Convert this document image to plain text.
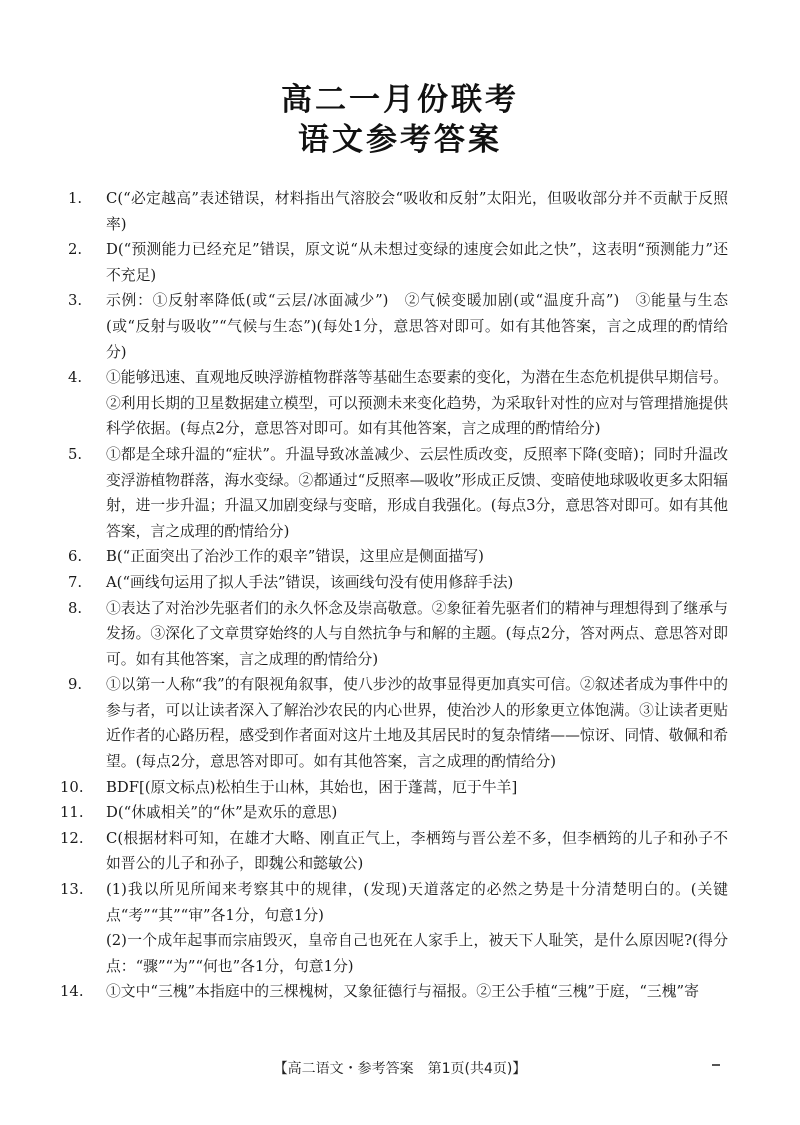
高二一月份联考
语文参考答案
1. C(“必定越高”表述错误，材料指出气溶胶会“吸收和反射”太阳光，但吸收部分并不贡献于反照率)
2. D(“预测能力已经充足”错误，原文说“从未想过变绿的速度会如此之快”，这表明“预测能力”还不充足)
3. 示例：①反射率降低(或“云层/冰面减少”)　②气候变暖加剧(或“温度升高”)　③能量与生态(或“反射与吸收”“气候与生态”)(每处1分，意思答对即可。如有其他答案，言之成理的酌情给分)
4. ①能够迅速、直观地反映浮游植物群落等基础生态要素的变化，为潜在生态危机提供早期信号。②利用长期的卫星数据建立模型，可以预测未来变化趋势，为采取针对性的应对与管理措施提供科学依据。(每点2分，意思答对即可。如有其他答案，言之成理的酌情给分)
5. ①都是全球升温的“症状”。升温导致冰盖减少、云层性质改变，反照率下降(变暗)；同时升温改变浮游植物群落，海水变绿。②都通过“反照率—吸收”形成正反馈、变暗使地球吸收更多太阳辐射，进一步升温；升温又加剧变绿与变暗，形成自我强化。(每点3分，意思答对即可。如有其他答案，言之成理的酌情给分)
6. B(“正面突出了治沙工作的艰辛”错误，这里应是侧面描写)
7. A(“画线句运用了拟人手法”错误，该画线句没有使用修辞手法)
8. ①表达了对治沙先驱者们的永久怀念及崇高敬意。②象征着先驱者们的精神与理想得到了继承与发扬。③深化了文章贯穿始终的人与自然抗争与和解的主题。(每点2分，答对两点、意思答对即可。如有其他答案，言之成理的酌情给分)
9. ①以第一人称“我”的有限视角叙事，使八步沙的故事显得更加真实可信。②叙述者成为事件中的参与者，可以让读者深入了解治沙农民的内心世界，使治沙人的形象更立体饱满。③让读者更贴近作者的心路历程，感受到作者面对这片土地及其居民时的复杂情绪——惊讶、同情、敬佩和希望。(每点2分，意思答对即可。如有其他答案，言之成理的酌情给分)
10. BDF[(原文标点)松柏生于山林，其始也，困于蓬蒿，厄于牛羊]
11. D(“休戚相关”的“休”是欢乐的意思)
12. C(根据材料可知，在雄才大略、刚直正气上，李栖筠与晋公差不多，但李栖筠的儿子和孙子不如晋公的儿子和孙子，即魏公和懿敏公)
13. (1)我以所见所闻来考察其中的规律，(发现)天道落定的必然之势是十分清楚明白的。(关键点“考”“其”“审”各1分，句意1分)
(2)一个成年起事而宗庙毁灭，皇帝自己也死在人家手上，被天下人耻笑，是什么原因呢?(得分点：“骤”“为”“何也”各1分，句意1分)
14. ①文中“三槐”本指庭中的三棵槐树，又象征德行与福报。②王公手植“三槐”于庭，“三槐”寄
【高二语文・参考答案　第1页(共4页)】
